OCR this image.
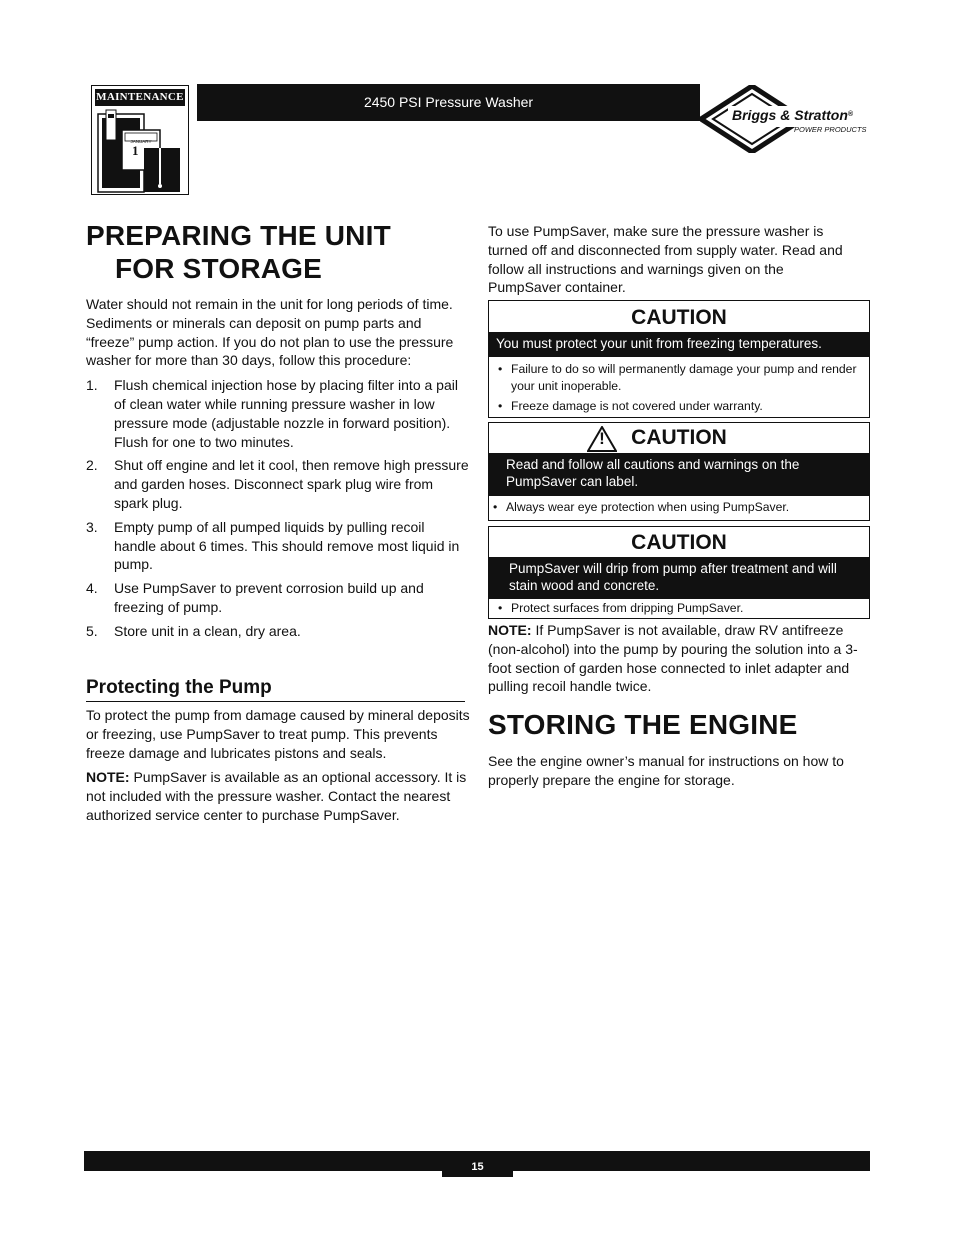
MAINTENANCE
JANUARY
1
2450 PSI Pressure Washer
Briggs & Stratton®
POWER PRODUCTS
PREPARING THE UNIT
FOR STORAGE

Water should not remain in the unit for long periods of time. Sediments or minerals can deposit on pump parts and “freeze” pump action. If you do not plan to use the pressure washer for more than 30 days, follow this procedure:

1. Flush chemical injection hose by placing filter into a pail of clean water while running pressure washer in low pressure mode (adjustable nozzle in forward position). Flush for one to two minutes.
2. Shut off engine and let it cool, then remove high pressure and garden hoses. Disconnect spark plug wire from spark plug.
3. Empty pump of all pumped liquids by pulling recoil handle about 6 times. This should remove most liquid in pump.
4. Use PumpSaver to prevent corrosion build up and freezing of pump.
5. Store unit in a clean, dry area.
Protecting the Pump

To protect the pump from damage caused by mineral deposits or freezing, use PumpSaver to treat pump. This prevents freeze damage and lubricates pistons and seals.

NOTE: PumpSaver is available as an optional accessory. It is not included with the pressure washer. Contact the nearest authorized service center to purchase PumpSaver.

To use PumpSaver, make sure the pressure washer is turned off and disconnected from supply water. Read and follow all instructions and warnings given on the PumpSaver container.

CAUTION
You must protect your unit from freezing temperatures.
• Failure to do so will permanently damage your pump and render your unit inoperable.
• Freeze damage is not covered under warranty.
!	CAUTION
Read and follow all cautions and warnings on the PumpSaver can label.
• Always wear eye protection when using PumpSaver.
CAUTION
PumpSaver will drip from pump after treatment and will stain wood and concrete.
• Protect surfaces from dripping PumpSaver.

NOTE: If PumpSaver is not available, draw RV antifreeze (non-alcohol) into the pump by pouring the solution into a 3-foot section of garden hose connected to inlet adapter and pulling recoil handle twice.

STORING THE ENGINE

See the engine owner’s manual for instructions on how to properly prepare the engine for storage.

15
